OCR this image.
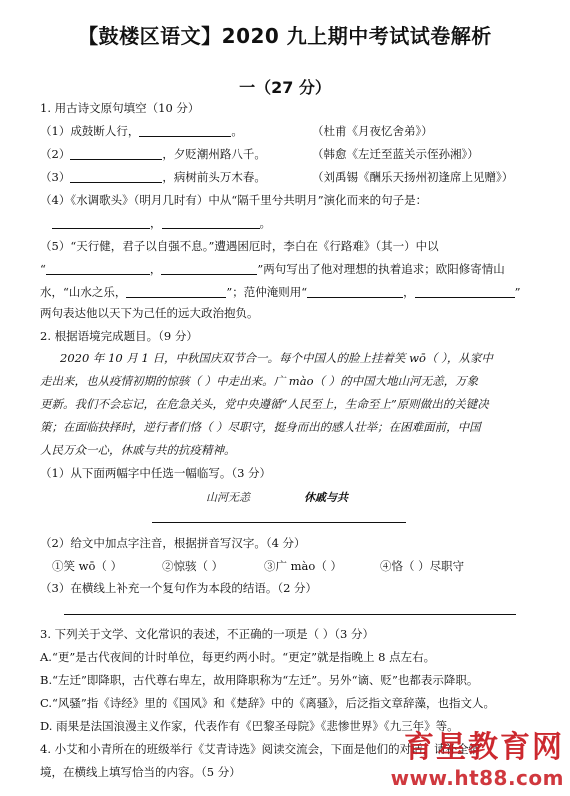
【鼓楼区语文】2020 九上期中考试试卷解析
一（27 分）
1. 用古诗文原句填空（10 分）
（1）成鼓断人行，	。	（杜甫《月夜忆舍弟》）
（2）	，夕贬潮州路八千。	（韩愈《左迁至蓝关示侄孙湘》）
（3）	，病树前头万木春。	（刘禹锡《酬乐天扬州初逢席上见赠》）
（4）《水调歌头》（明月几时有）中从“隔千里兮共明月”演化而来的句子是：
，	。
（5）“天行健，君子以自强不息。”遭遇困厄时，李白在《行路难》（其一）中以
“	，	”两句写出了他对理想的执着追求；欧阳修寄情山
水，“山水之乐，	”；范仲淹则用“	，	”
两句表达他以天下为己任的远大政治抱负。
2. 根据语境完成题目。（9 分）
2020 年 10 月 1 日，中秋国庆双节合一。每个中国人的脸上挂着笑 wō（ ），从家中
走出来，也从疫情初期的惊骇（ ）中走出来。广 mào（ ）的中国大地山河无恙，万象
更新。我们不会忘记，在危急关头，党中央遵循“人民至上，生命至上”原则做出的关键决
策；在面临抉择时，逆行者们恪（ ）尽职守，挺身而出的感人壮举；在困难面前，中国
人民万众一心，休戚与共的抗疫精神。
（1）从下面两幅字中任选一幅临写。（3 分）
山河无恙	休戚与共
（2）给文中加点字注音，根据拼音写汉字。（4 分）
①笑 wō（ ）	②惊骇（ ）	③广 mào（ ）	④恪（ ）尽职守
（3）在横线上补充一个复句作为本段的结语。（2 分）
3. 下列关于文学、文化常识的表述，不正确的一项是（ ）（3 分）
A.“更”是古代夜间的计时单位，每更约两小时。“更定”就是指晚上 8 点左右。
B.“左迁”即降职，古代尊右卑左，故用降职称为“左迁”。另外“谪、贬”也都表示降职。
C.“风骚”指《诗经》里的《国风》和《楚辞》中的《离骚》，后泛指文章辞藻，也指文人。
D. 雨果是法国浪漫主义作家，代表作有《巴黎圣母院》《悲惨世界》《九三年》等。
4. 小艾和小青所在的班级举行《艾青诗选》阅读交流会，下面是他们的对话，请补全情
境，在横线上填写恰当的内容。（5 分）
育星教育网
www.ht88.com
